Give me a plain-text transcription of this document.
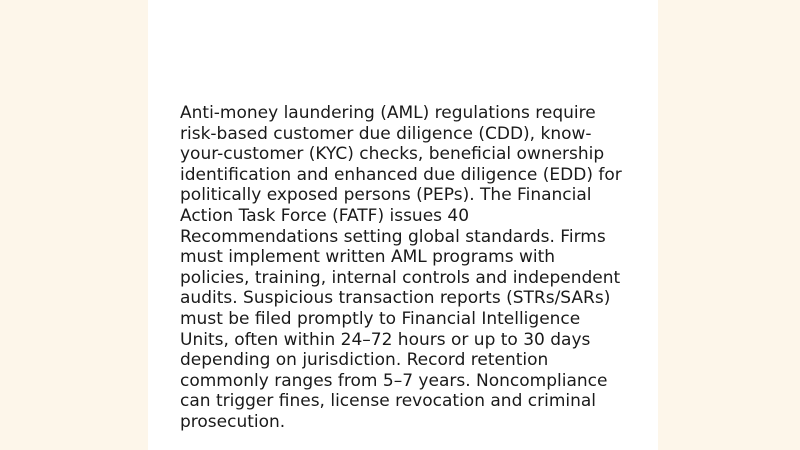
Anti-money laundering (AML) regulations require risk-based customer due diligence (CDD), know-your-customer (KYC) checks, beneficial ownership identification and enhanced due diligence (EDD) for politically exposed persons (PEPs). The Financial Action Task Force (FATF) issues 40 Recommendations setting global standards. Firms must implement written AML programs with policies, training, internal controls and independent audits. Suspicious transaction reports (STRs/SARs) must be filed promptly to Financial Intelligence Units, often within 24–72 hours or up to 30 days depending on jurisdiction. Record retention commonly ranges from 5–7 years. Noncompliance can trigger fines, license revocation and criminal prosecution.
